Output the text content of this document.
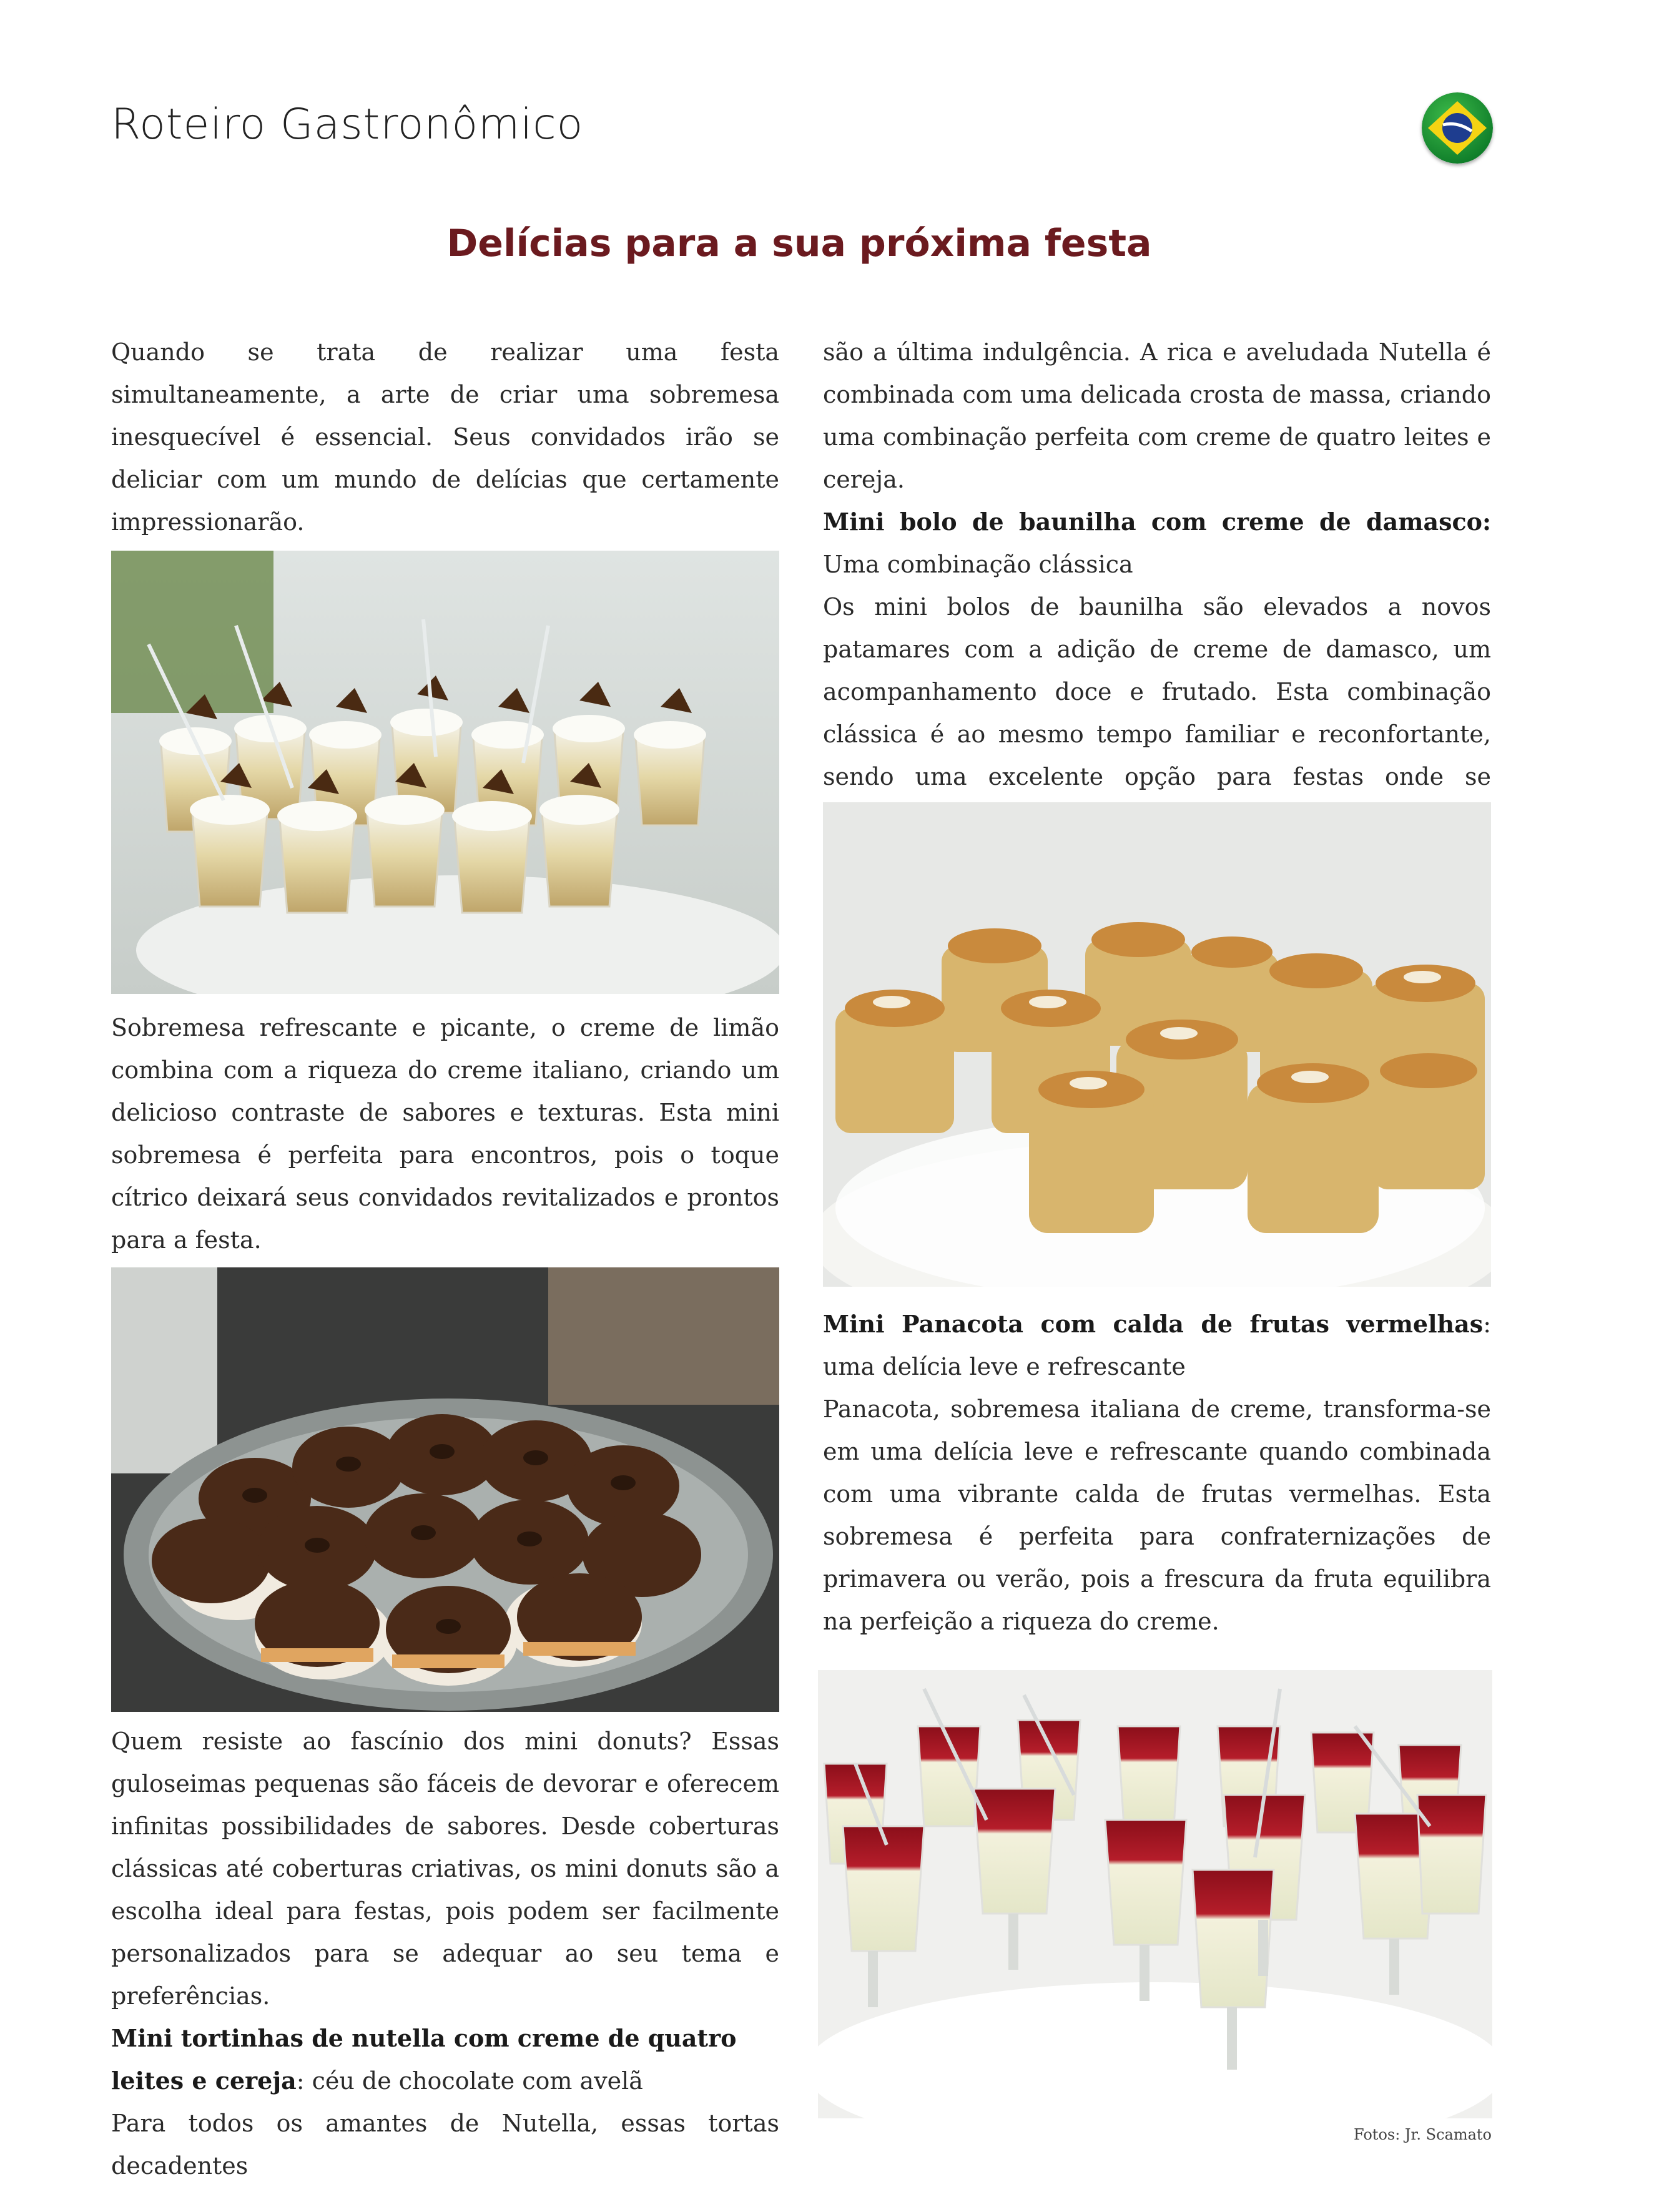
Roteiro Gastronômico
Delícias para a sua próxima festa

Quando se trata de realizar uma festa simultaneamente, a arte de criar uma sobremesa inesquecível é essencial. Seus convidados irão se deliciar com um mundo de delícias que certamente impressionarão.

Sobremesa refrescante e picante, o creme de limão combina com a riqueza do creme italiano, criando um delicioso contraste de sabores e texturas. Esta mini sobremesa é perfeita para encontros, pois o toque cítrico deixará seus convidados revitalizados e prontos para a festa.

Quem resiste ao fascínio dos mini donuts? Essas guloseimas pequenas são fáceis de devorar e oferecem infinitas possibilidades de sabores. Desde coberturas clássicas até coberturas criativas, os mini donuts são a escolha ideal para festas, pois podem ser facilmente personalizados para se adequar ao seu tema e preferências.

Mini tortinhas de nutella com creme de quatro leites e cereja: céu de chocolate com avelã

Para todos os amantes de Nutella, essas tortas decadentes

são a última indulgência. A rica e aveludada Nutella é combinada com uma delicada crosta de massa, criando uma combinação perfeita com creme de quatro leites e cereja.

Mini bolo de baunilha com creme de damasco: Uma combinação clássica

Os mini bolos de baunilha são elevados a novos patamares com a adição de creme de damasco, um acompanhamento doce e frutado. Esta combinação clássica é ao mesmo tempo familiar e reconfortante, sendo uma excelente opção para festas onde se

Mini Panacota com calda de frutas vermelhas: uma delícia leve e refrescante

Panacota, sobremesa italiana de creme, transforma-se em uma delícia leve e refrescante quando combinada com uma vibrante calda de frutas vermelhas. Esta sobremesa é perfeita para confraternizações de primavera ou verão, pois a frescura da fruta equilibra na perfeição a riqueza do creme.

Fotos: Jr. Scamato
